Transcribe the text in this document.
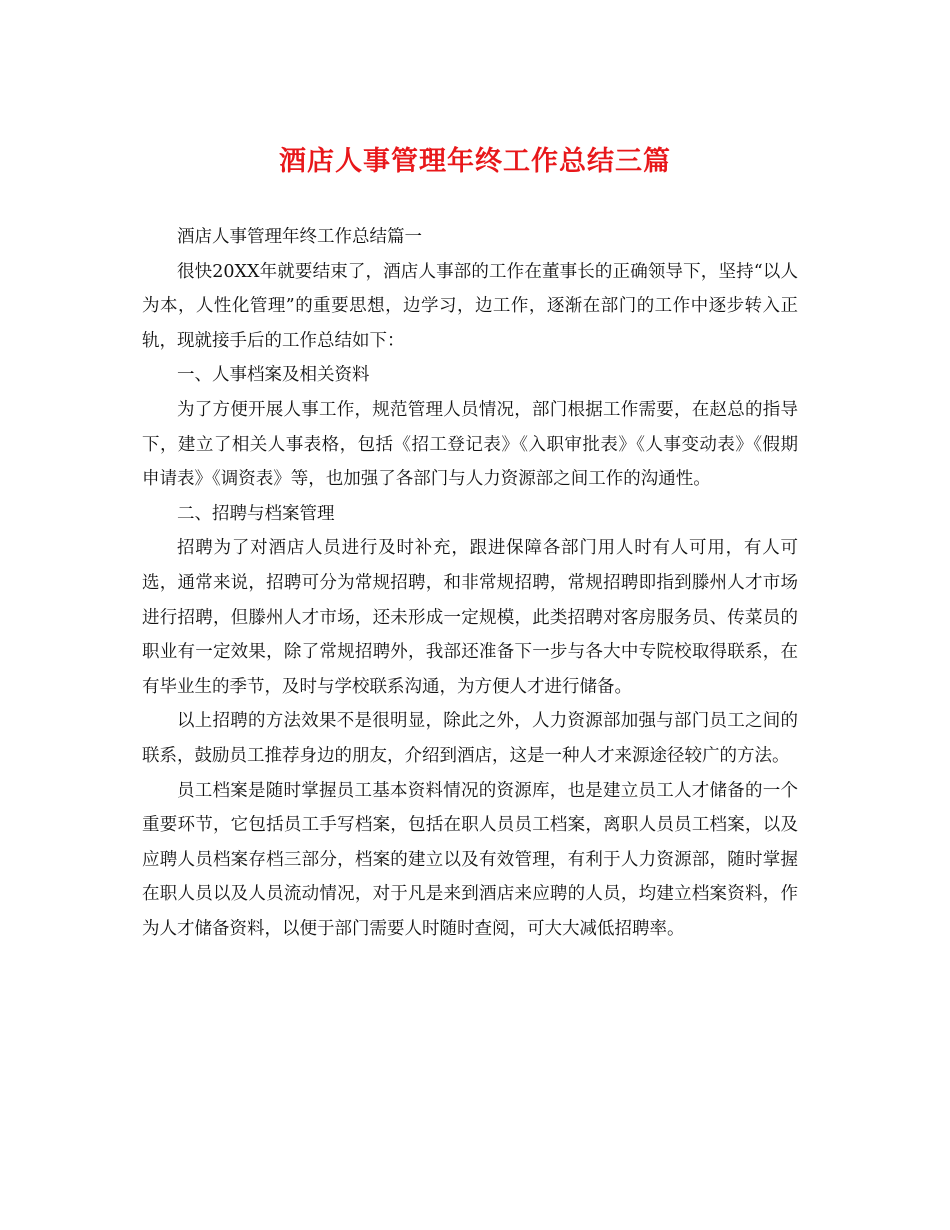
酒店人事管理年终工作总结三篇

酒店人事管理年终工作总结篇一

很快20XX年就要结束了，酒店人事部的工作在董事长的正确领导下，坚持“以人为本，人性化管理”的重要思想，边学习，边工作，逐渐在部门的工作中逐步转入正轨，现就接手后的工作总结如下：

一、人事档案及相关资料

为了方便开展人事工作，规范管理人员情况，部门根据工作需要，在赵总的指导下，建立了相关人事表格，包括《招工登记表》《入职审批表》《人事变动表》《假期申请表》《调资表》等，也加强了各部门与人力资源部之间工作的沟通性。

二、招聘与档案管理

招聘为了对酒店人员进行及时补充，跟进保障各部门用人时有人可用，有人可选，通常来说，招聘可分为常规招聘，和非常规招聘，常规招聘即指到滕州人才市场进行招聘，但滕州人才市场，还未形成一定规模，此类招聘对客房服务员、传菜员的职业有一定效果，除了常规招聘外，我部还准备下一步与各大中专院校取得联系，在有毕业生的季节，及时与学校联系沟通，为方便人才进行储备。

以上招聘的方法效果不是很明显，除此之外，人力资源部加强与部门员工之间的联系，鼓励员工推荐身边的朋友，介绍到酒店，这是一种人才来源途径较广的方法。

员工档案是随时掌握员工基本资料情况的资源库，也是建立员工人才储备的一个重要环节，它包括员工手写档案，包括在职人员员工档案，离职人员员工档案，以及应聘人员档案存档三部分，档案的建立以及有效管理，有利于人力资源部，随时掌握在职人员以及人员流动情况，对于凡是来到酒店来应聘的人员，均建立档案资料，作为人才储备资料，以便于部门需要人时随时查阅，可大大减低招聘率。
